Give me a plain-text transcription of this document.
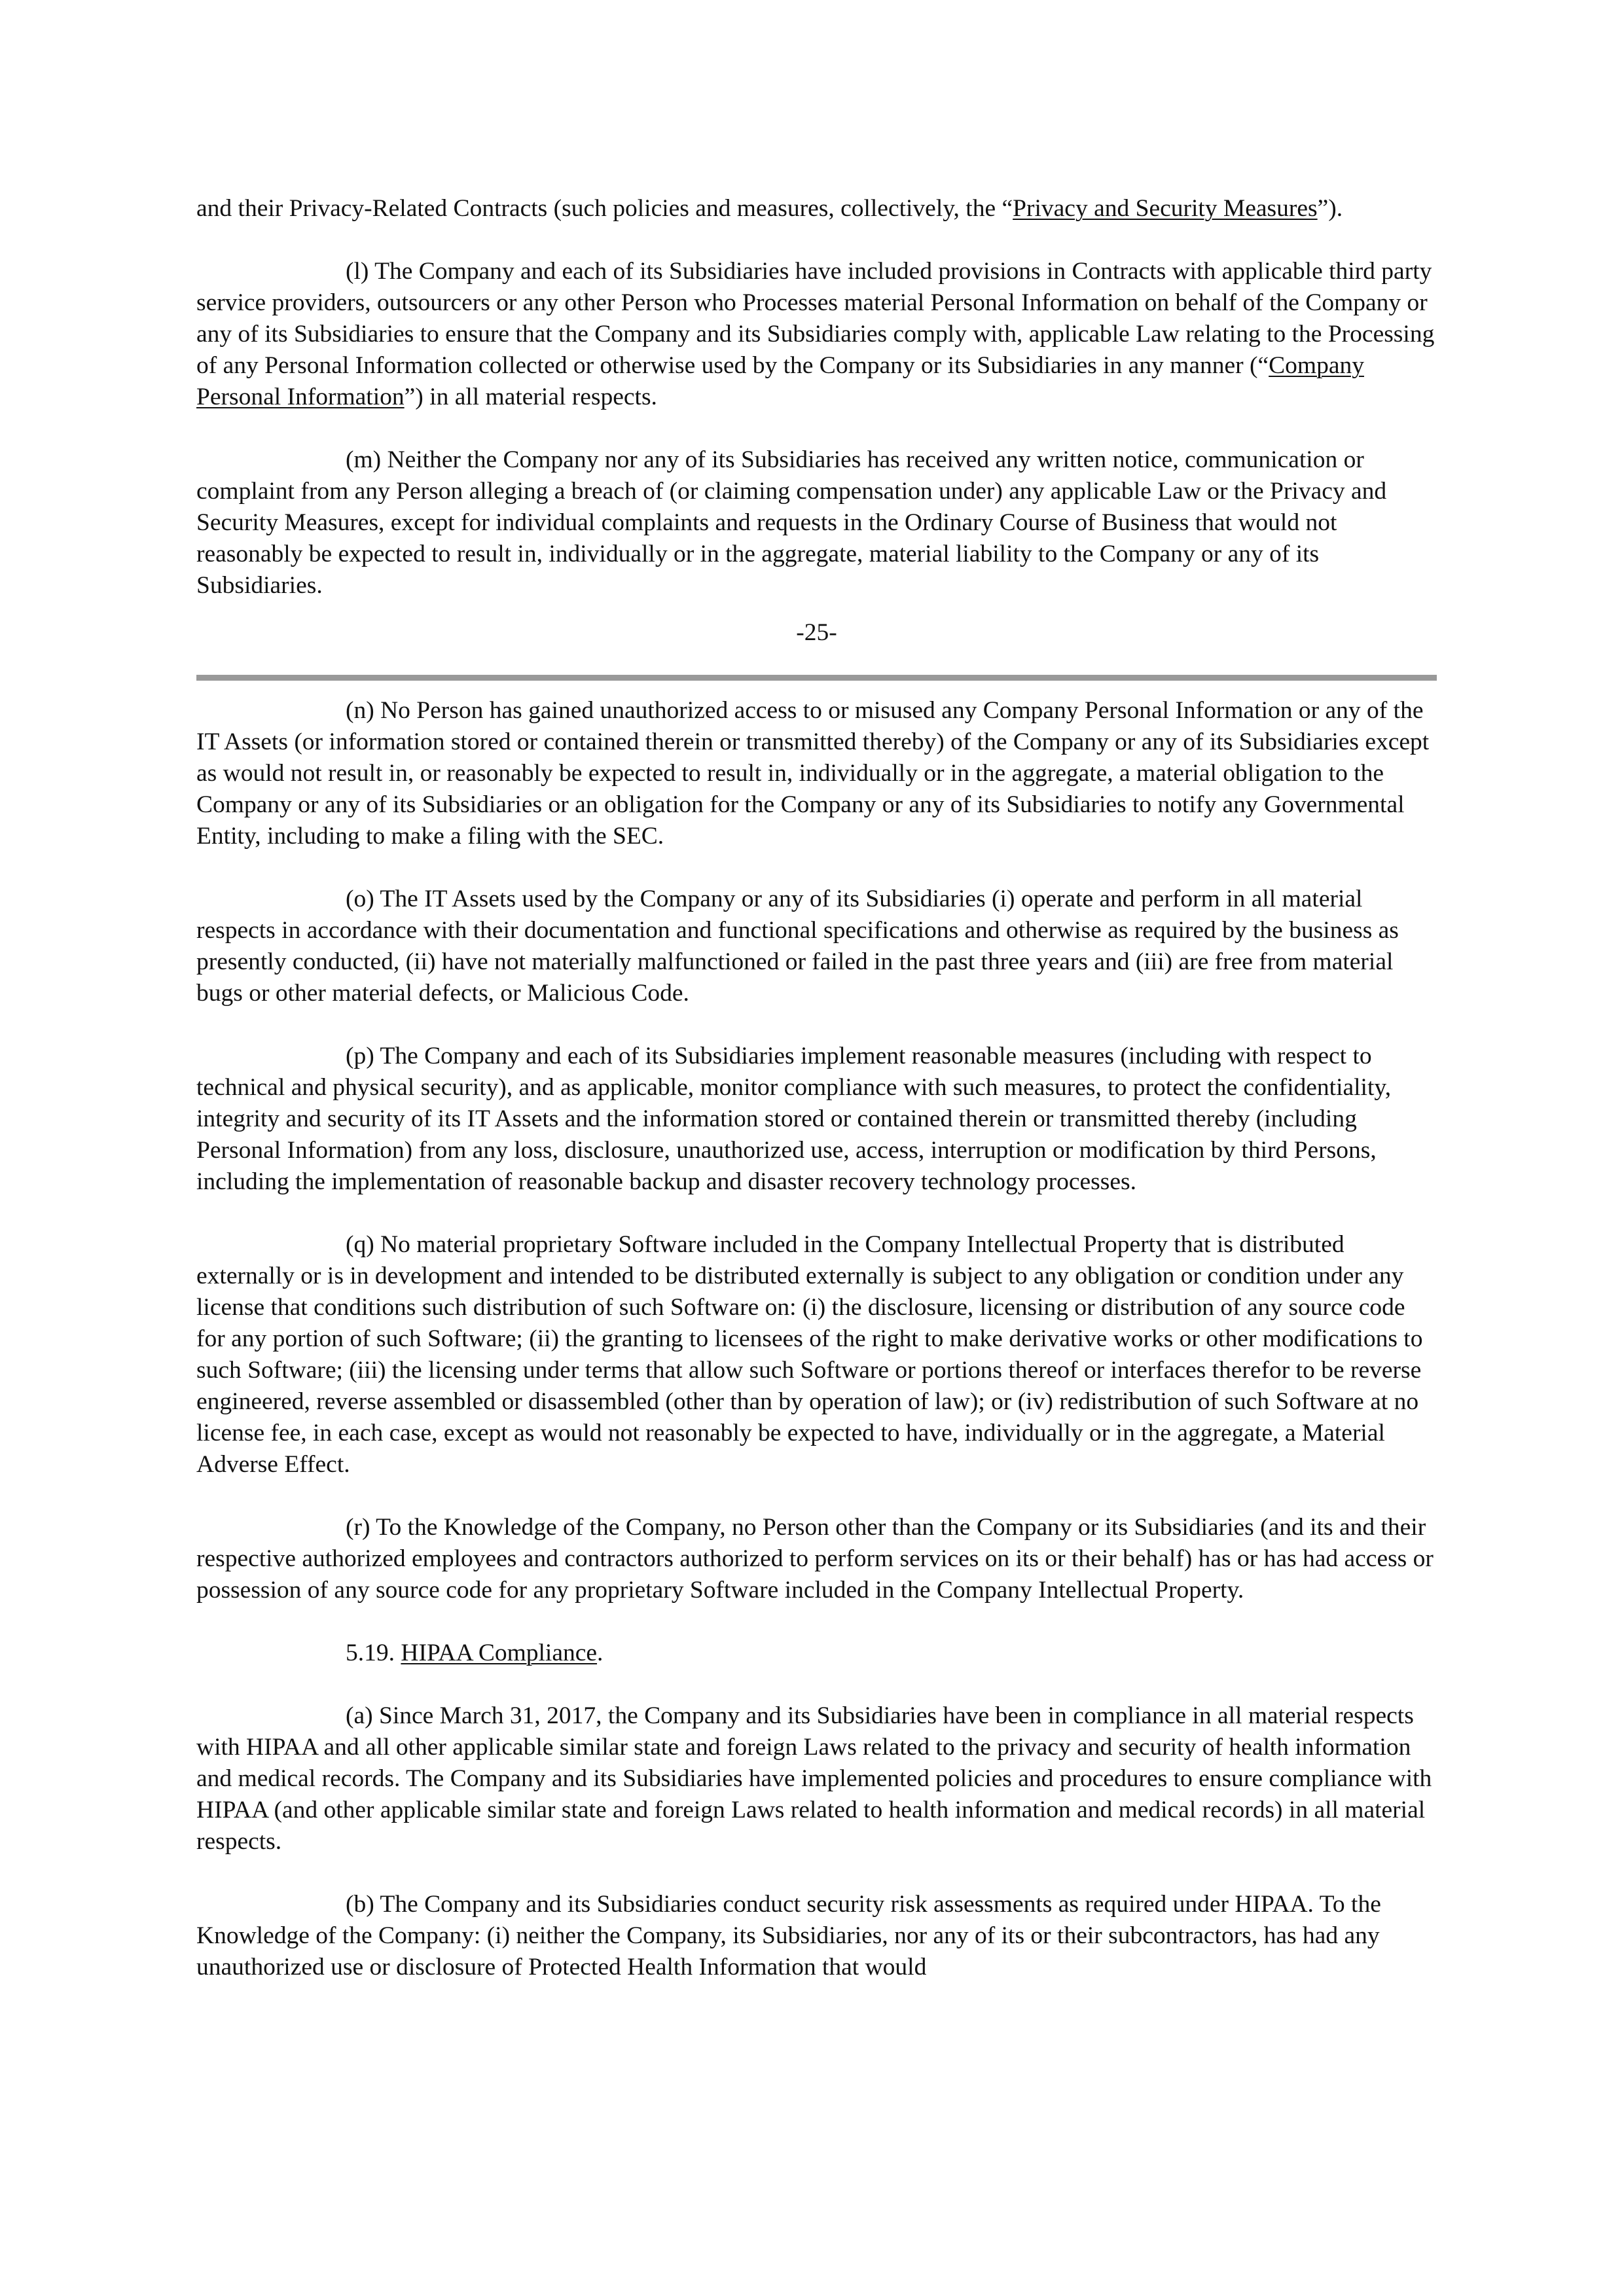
and their Privacy-Related Contracts (such policies and measures, collectively, the “Privacy and Security Measures”).

(l) The Company and each of its Subsidiaries have included provisions in Contracts with applicable third party service providers, outsourcers or any other Person who Processes material Personal Information on behalf of the Company or any of its Subsidiaries to ensure that the Company and its Subsidiaries comply with, applicable Law relating to the Processing of any Personal Information collected or otherwise used by the Company or its Subsidiaries in any manner (“Company Personal Information”) in all material respects.

(m) Neither the Company nor any of its Subsidiaries has received any written notice, communication or complaint from any Person alleging a breach of (or claiming compensation under) any applicable Law or the Privacy and Security Measures, except for individual complaints and requests in the Ordinary Course of Business that would not reasonably be expected to result in, individually or in the aggregate, material liability to the Company or any of its Subsidiaries.

-25-

(n) No Person has gained unauthorized access to or misused any Company Personal Information or any of the IT Assets (or information stored or contained therein or transmitted thereby) of the Company or any of its Subsidiaries except as would not result in, or reasonably be expected to result in, individually or in the aggregate, a material obligation to the Company or any of its Subsidiaries or an obligation for the Company or any of its Subsidiaries to notify any Governmental Entity, including to make a filing with the SEC.

(o) The IT Assets used by the Company or any of its Subsidiaries (i) operate and perform in all material respects in accordance with their documentation and functional specifications and otherwise as required by the business as presently conducted, (ii) have not materially malfunctioned or failed in the past three years and (iii) are free from material bugs or other material defects, or Malicious Code.

(p) The Company and each of its Subsidiaries implement reasonable measures (including with respect to technical and physical security), and as applicable, monitor compliance with such measures, to protect the confidentiality, integrity and security of its IT Assets and the information stored or contained therein or transmitted thereby (including Personal Information) from any loss, disclosure, unauthorized use, access, interruption or modification by third Persons, including the implementation of reasonable backup and disaster recovery technology processes.

(q) No material proprietary Software included in the Company Intellectual Property that is distributed externally or is in development and intended to be distributed externally is subject to any obligation or condition under any license that conditions such distribution of such Software on: (i) the disclosure, licensing or distribution of any source code for any portion of such Software; (ii) the granting to licensees of the right to make derivative works or other modifications to such Software; (iii) the licensing under terms that allow such Software or portions thereof or interfaces therefor to be reverse engineered, reverse assembled or disassembled (other than by operation of law); or (iv) redistribution of such Software at no license fee, in each case, except as would not reasonably be expected to have, individually or in the aggregate, a Material Adverse Effect.

(r) To the Knowledge of the Company, no Person other than the Company or its Subsidiaries (and its and their respective authorized employees and contractors authorized to perform services on its or their behalf) has or has had access or possession of any source code for any proprietary Software included in the Company Intellectual Property.

5.19. HIPAA Compliance.

(a) Since March 31, 2017, the Company and its Subsidiaries have been in compliance in all material respects with HIPAA and all other applicable similar state and foreign Laws related to the privacy and security of health information and medical records. The Company and its Subsidiaries have implemented policies and procedures to ensure compliance with HIPAA (and other applicable similar state and foreign Laws related to health information and medical records) in all material respects.

(b) The Company and its Subsidiaries conduct security risk assessments as required under HIPAA. To the Knowledge of the Company: (i) neither the Company, its Subsidiaries, nor any of its or their subcontractors, has had any unauthorized use or disclosure of Protected Health Information that would
